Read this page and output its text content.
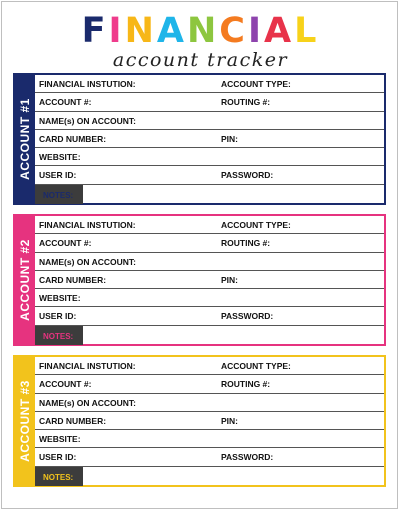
FINANCIAL
account tracker
ACCOUNT #1
FINANCIAL INSTUTION:	ACCOUNT TYPE:
ACCOUNT #:	ROUTING #:
NAME(s) ON ACCOUNT:
CARD NUMBER:	PIN:
WEBSITE:
USER ID:	PASSWORD:
NOTES:
ACCOUNT #2
FINANCIAL INSTUTION:	ACCOUNT TYPE:
ACCOUNT #:	ROUTING #:
NAME(s) ON ACCOUNT:
CARD NUMBER:	PIN:
WEBSITE:
USER ID:	PASSWORD:
NOTES:
ACCOUNT #3
FINANCIAL INSTUTION:	ACCOUNT TYPE:
ACCOUNT #:	ROUTING #:
NAME(s) ON ACCOUNT:
CARD NUMBER:	PIN:
WEBSITE:
USER ID:	PASSWORD:
NOTES:
